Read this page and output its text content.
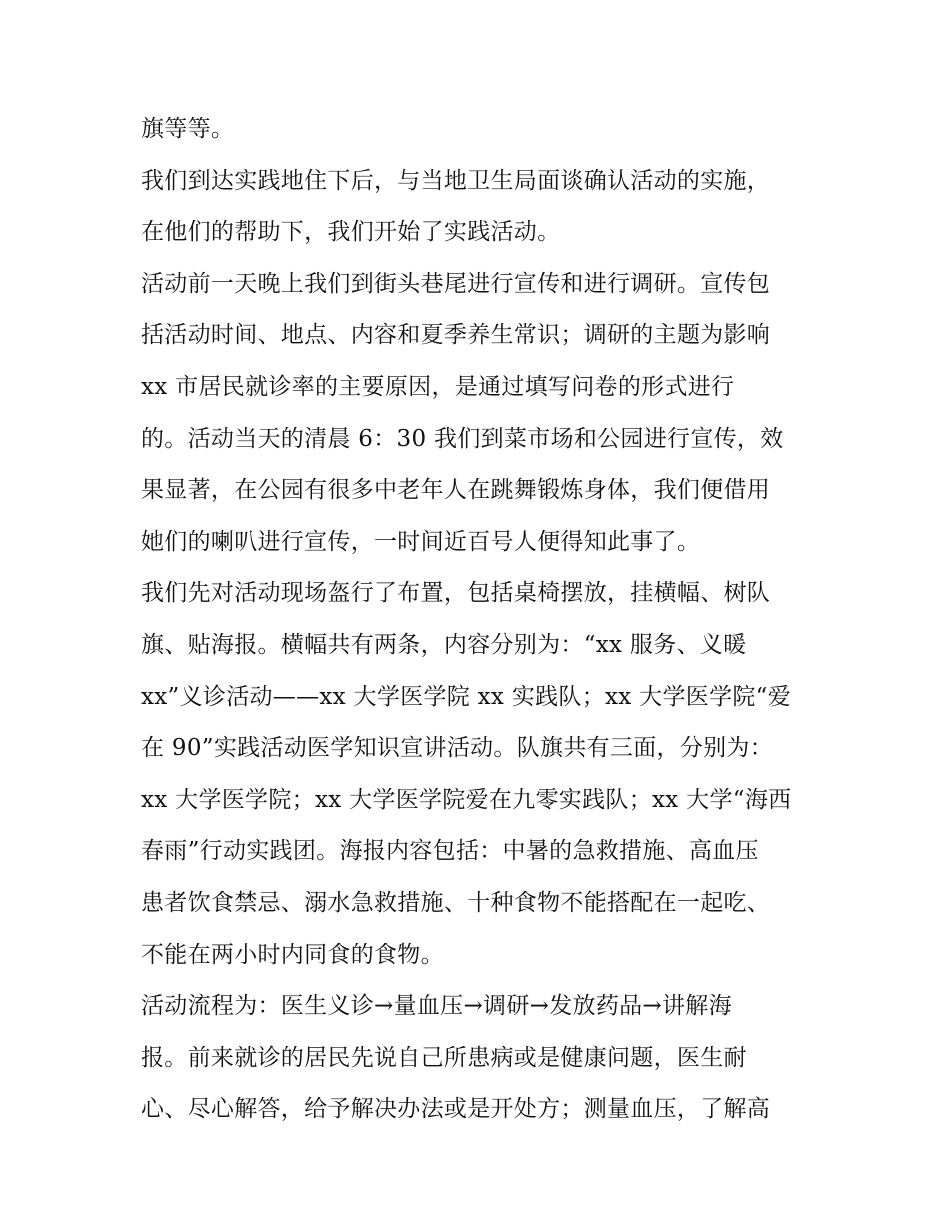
旗等等。
我们到达实践地住下后，与当地卫生局面谈确认活动的实施，
在他们的帮助下，我们开始了实践活动。
活动前一天晚上我们到街头巷尾进行宣传和进行调研。宣传包
括活动时间、地点、内容和夏季养生常识；调研的主题为影响
xx 市居民就诊率的主要原因，是通过填写问卷的形式进行
的。活动当天的清晨 6：30 我们到菜市场和公园进行宣传，效
果显著，在公园有很多中老年人在跳舞锻炼身体，我们便借用
她们的喇叭进行宣传，一时间近百号人便得知此事了。
我们先对活动现场盔行了布置，包括桌椅摆放，挂横幅、树队
旗、贴海报。横幅共有两条，内容分别为：“xx 服务、义暖
xx”义诊活动——xx 大学医学院 xx 实践队；xx 大学医学院“爱
在 90”实践活动医学知识宣讲活动。队旗共有三面，分别为：
xx 大学医学院；xx 大学医学院爱在九零实践队；xx 大学“海西
春雨”行动实践团。海报内容包括：中暑的急救措施、高血压
患者饮食禁忌、溺水急救措施、十种食物不能搭配在一起吃、
不能在两小时内同食的食物。
活动流程为：医生义诊→量血压→调研→发放药品→讲解海
报。前来就诊的居民先说自己所患病或是健康问题，医生耐
心、尽心解答，给予解决办法或是开处方；测量血压，了解高
